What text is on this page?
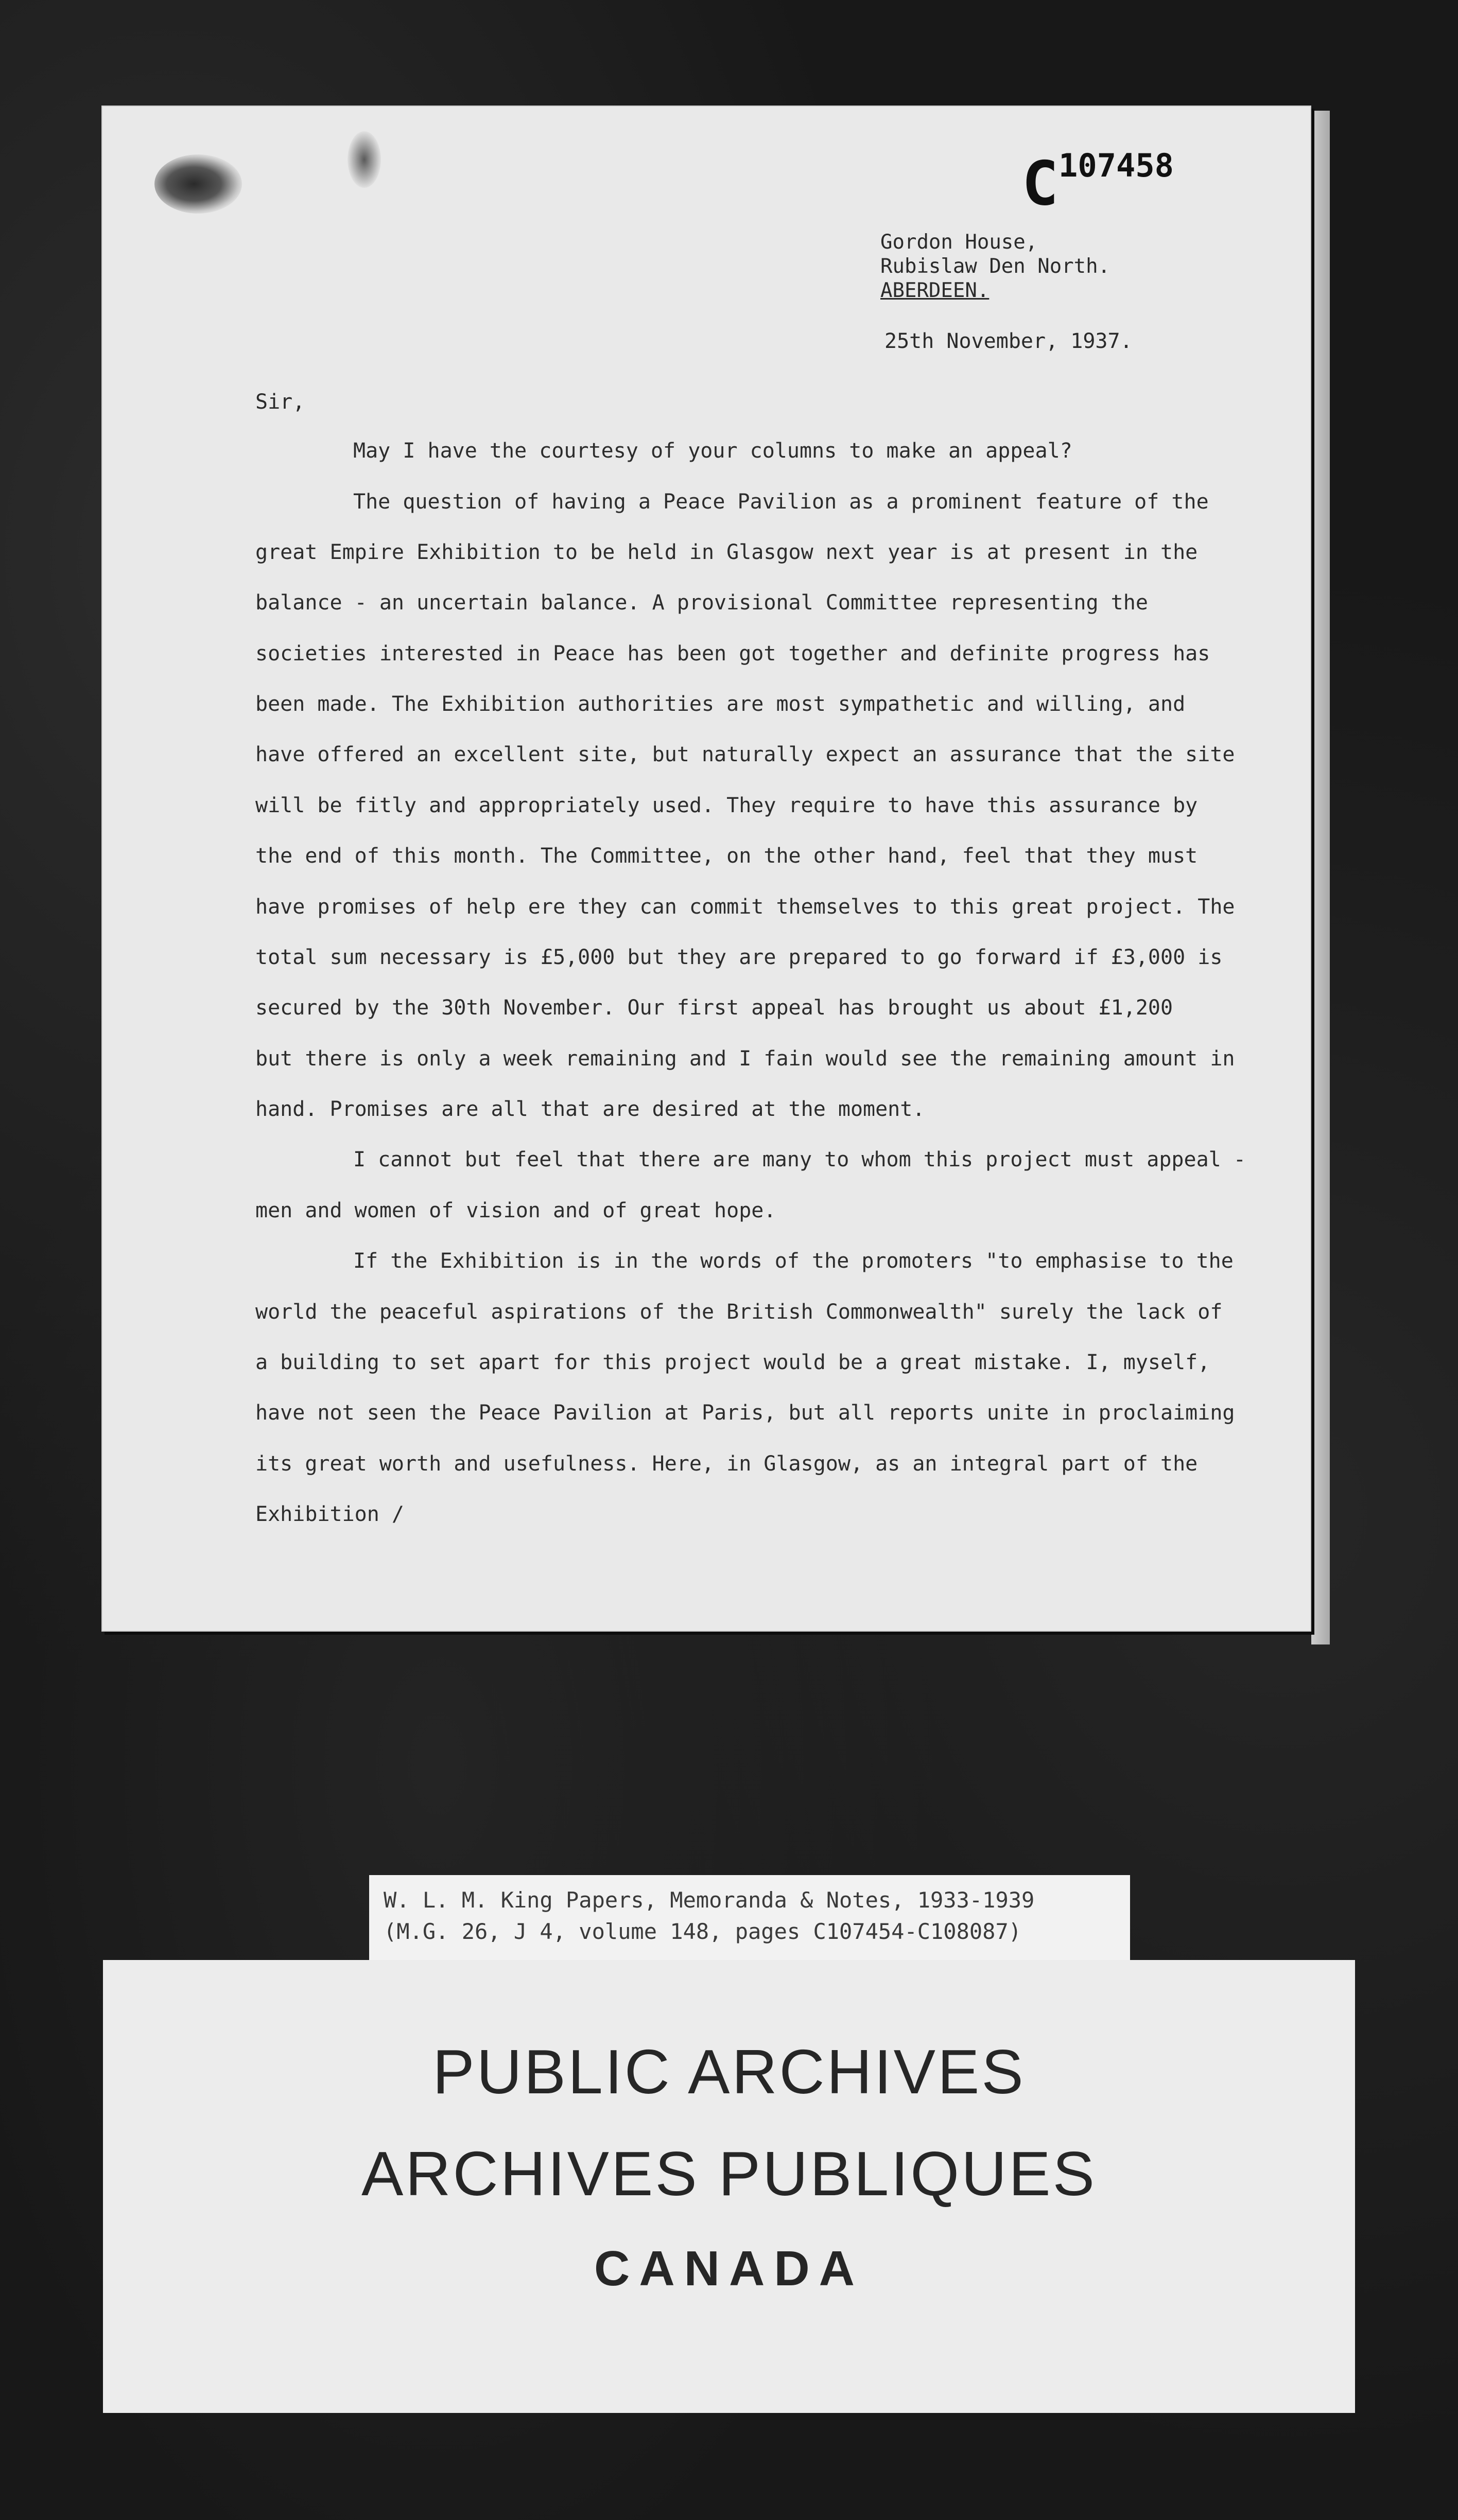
C107458
Gordon House,
Rubislaw Den North.
ABERDEEN.
25th November, 1937.
Sir,
May I have the courtesy of your columns to make an appeal?
The question of having a Peace Pavilion as a prominent feature of the
great Empire Exhibition to be held in Glasgow next year is at present in the
balance - an uncertain balance. A provisional Committee representing the
societies interested in Peace has been got together and definite progress has
been made. The Exhibition authorities are most sympathetic and willing, and
have offered an excellent site, but naturally expect an assurance that the site
will be fitly and appropriately used. They require to have this assurance by
the end of this month. The Committee, on the other hand, feel that they must
have promises of help ere they can commit themselves to this great project. The
total sum necessary is £5,000 but they are prepared to go forward if £3,000 is
secured by the 30th November. Our first appeal has brought us about £1,200
but there is only a week remaining and I fain would see the remaining amount in
hand. Promises are all that are desired at the moment.
I cannot but feel that there are many to whom this project must appeal -
men and women of vision and of great hope.
If the Exhibition is in the words of the promoters "to emphasise to the
world the peaceful aspirations of the British Commonwealth" surely the lack of
a building to set apart for this project would be a great mistake. I, myself,
have not seen the Peace Pavilion at Paris, but all reports unite in proclaiming
its great worth and usefulness. Here, in Glasgow, as an integral part of the
Exhibition /
W. L. M. King Papers, Memoranda & Notes, 1933-1939
(M.G. 26, J 4, volume 148, pages C107454-C108087)
PUBLIC ARCHIVES
ARCHIVES PUBLIQUES
CANADA
